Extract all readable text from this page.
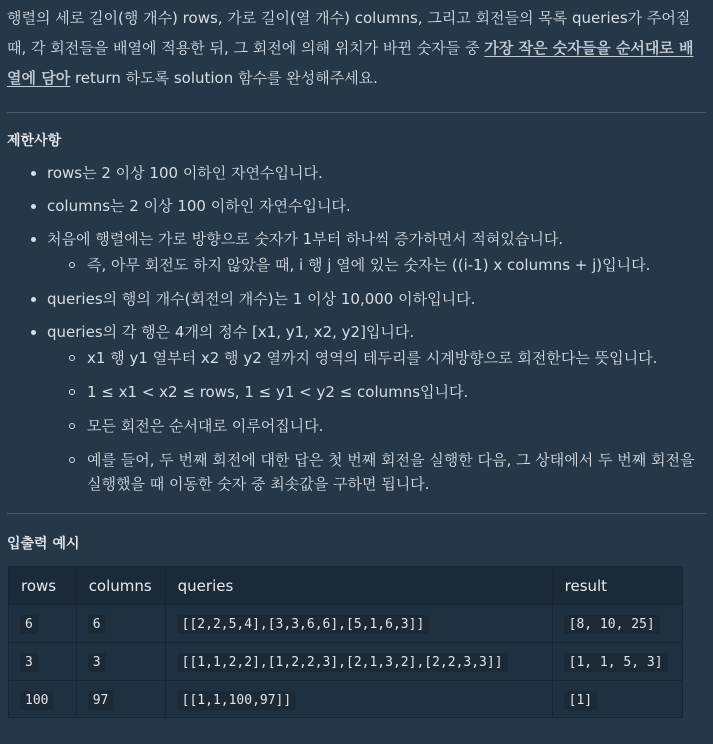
행렬의 세로 길이(행 개수) rows, 가로 길이(열 개수) columns, 그리고 회전들의 목록 queries가 주어질 때, 각 회전들을 배열에 적용한 뒤, 그 회전에 의해 위치가 바뀐 숫자들 중 가장 작은 숫자들을 순서대로 배열에 담아 return 하도록 solution 함수를 완성해주세요.

제한사항
rows는 2 이상 100 이하인 자연수입니다.
columns는 2 이상 100 이하인 자연수입니다.
처음에 행렬에는 가로 방향으로 숫자가 1부터 하나씩 증가하면서 적혀있습니다.
즉, 아무 회전도 하지 않았을 때, i 행 j 열에 있는 숫자는 ((i-1) x columns + j)입니다.
queries의 행의 개수(회전의 개수)는 1 이상 10,000 이하입니다.
queries의 각 행은 4개의 정수 [x1, y1, x2, y2]입니다.
x1 행 y1 열부터 x2 행 y2 열까지 영역의 테두리를 시계방향으로 회전한다는 뜻입니다.
1 ≤ x1 < x2 ≤ rows, 1 ≤ y1 < y2 ≤ columns입니다.
모든 회전은 순서대로 이루어집니다.
예를 들어, 두 번째 회전에 대한 답은 첫 번째 회전을 실행한 다음, 그 상태에서 두 번째 회전을 실행했을 때 이동한 숫자 중 최솟값을 구하면 됩니다.
입출력 예시
rows	columns	queries	result
6	6	[[2,2,5,4],[3,3,6,6],[5,1,6,3]]	[8, 10, 25]
3	3	[[1,1,2,2],[1,2,2,3],[2,1,3,2],[2,2,3,3]]	[1, 1, 5, 3]
100	97	[[1,1,100,97]]	[1]
